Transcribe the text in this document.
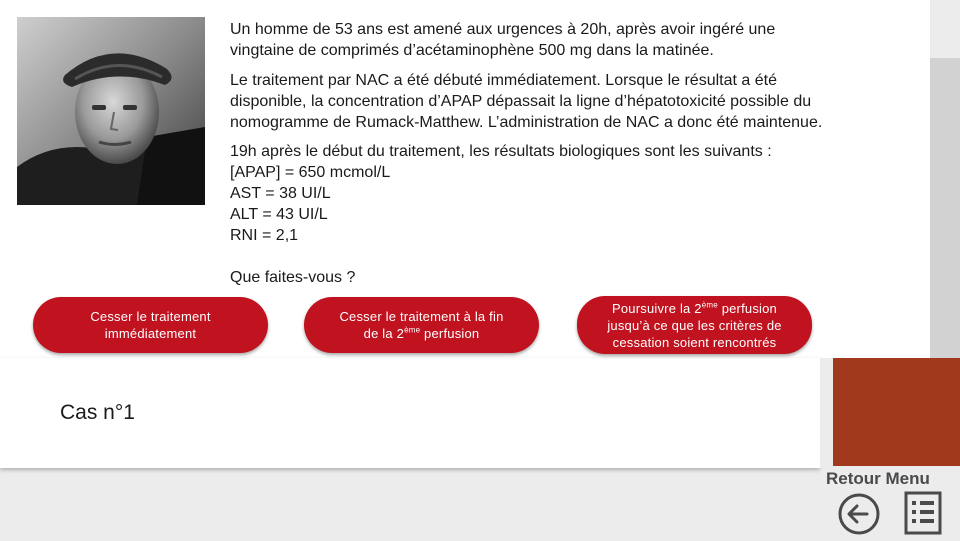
Un homme de 53 ans est amené aux urgences à 20h, après avoir ingéré une
vingtaine de comprimés d’acétaminophène 500 mg dans la matinée.
Le traitement par NAC a été débuté immédiatement. Lorsque le résultat a été
disponible, la concentration d’APAP dépassait la ligne d’hépatotoxicité possible du
nomogramme de Rumack-Matthew. L’administration de NAC a donc été maintenue.
19h après le début du traitement, les résultats biologiques sont les suivants :
[APAP] = 650 mcmol/L
AST = 38 UI/L
ALT = 43 UI/L
RNI = 2,1
Que faites-vous ?
Cesser le traitement
immédiatement
Cesser le traitement à la fin
de la 2ème perfusion
Poursuivre la 2ème perfusion
jusqu’à ce que les critères de
cessation soient rencontrés
Cas n°1
Retour Menu
